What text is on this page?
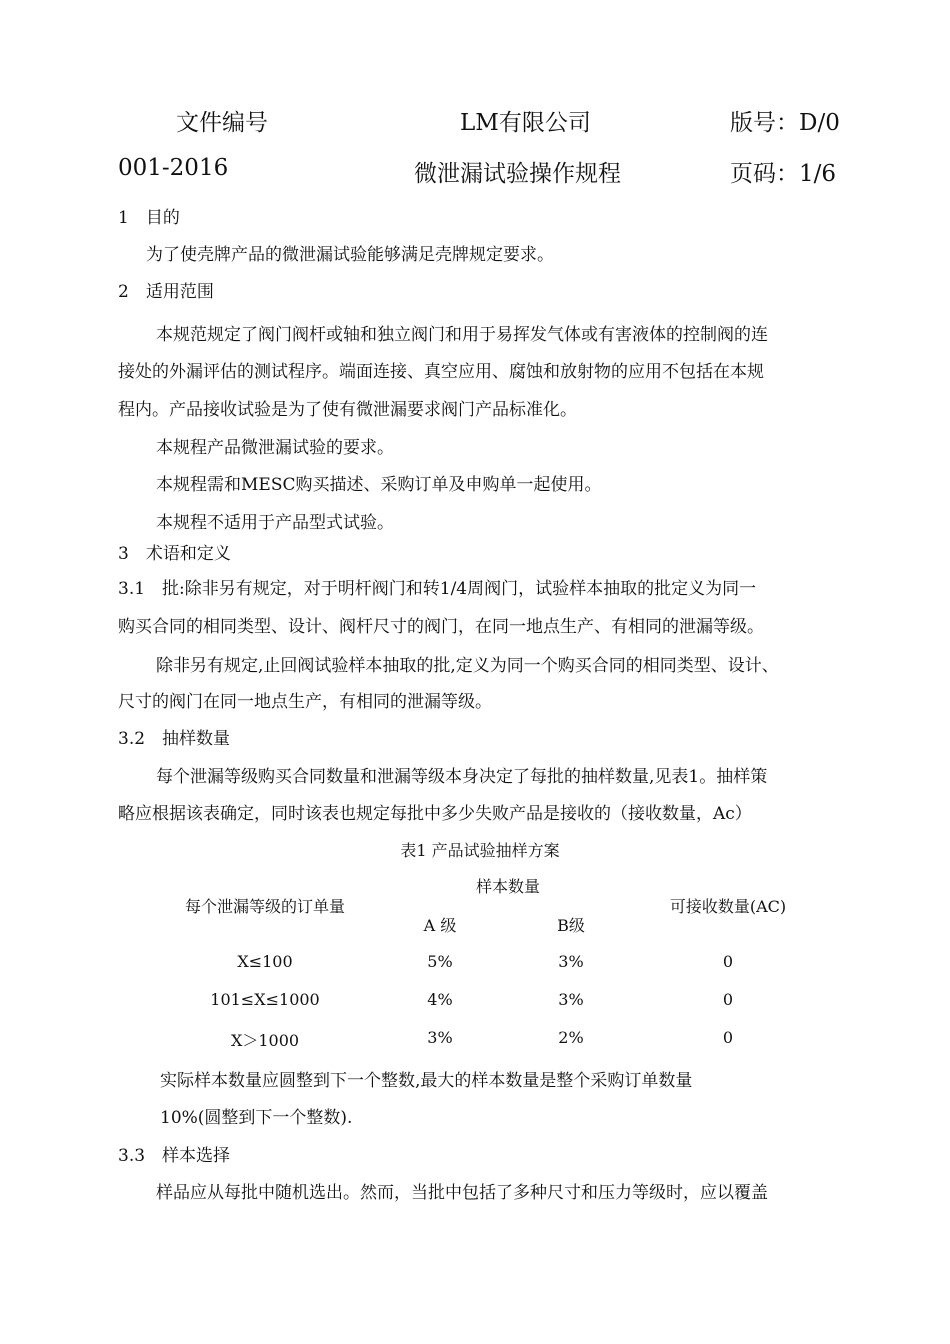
文件编号	LM有限公司	版号：D/0
001-2016	微泄漏试验操作规程	页码：1/6
1　目的
为了使壳牌产品的微泄漏试验能够满足壳牌规定要求。
2　适用范围
本规范规定了阀门阀杆或轴和独立阀门和用于易挥发气体或有害液体的控制阀的连
接处的外漏评估的测试程序。端面连接、真空应用、腐蚀和放射物的应用不包括在本规
程内。产品接收试验是为了使有微泄漏要求阀门产品标准化。
本规程产品微泄漏试验的要求。
本规程需和MESC购买描述、采购订单及申购单一起使用。
本规程不适用于产品型式试验。
3　术语和定义
3.1　批:除非另有规定，对于明杆阀门和转1/4周阀门，试验样本抽取的批定义为同一
购买合同的相同类型、设计、阀杆尺寸的阀门，在同一地点生产、有相同的泄漏等级。
除非另有规定,止回阀试验样本抽取的批,定义为同一个购买合同的相同类型、设计、
尺寸的阀门在同一地点生产，有相同的泄漏等级。
3.2　抽样数量
每个泄漏等级购买合同数量和泄漏等级本身决定了每批的抽样数量,见表1。抽样策
略应根据该表确定，同时该表也规定每批中多少失败产品是接收的（接收数量，Ac）
表1 产品试验抽样方案
每个泄漏等级的订单量
样本数量
A 级	B级
可接收数量(AC)
X≤100	5%	3%	0
101≤X≤1000	4%	3%	0
X＞1000	3%	2%	0
实际样本数量应圆整到下一个整数,最大的样本数量是整个采购订单数量
10%(圆整到下一个整数).
3.3　样本选择
样品应从每批中随机选出。然而，当批中包括了多种尺寸和压力等级时，应以覆盖
